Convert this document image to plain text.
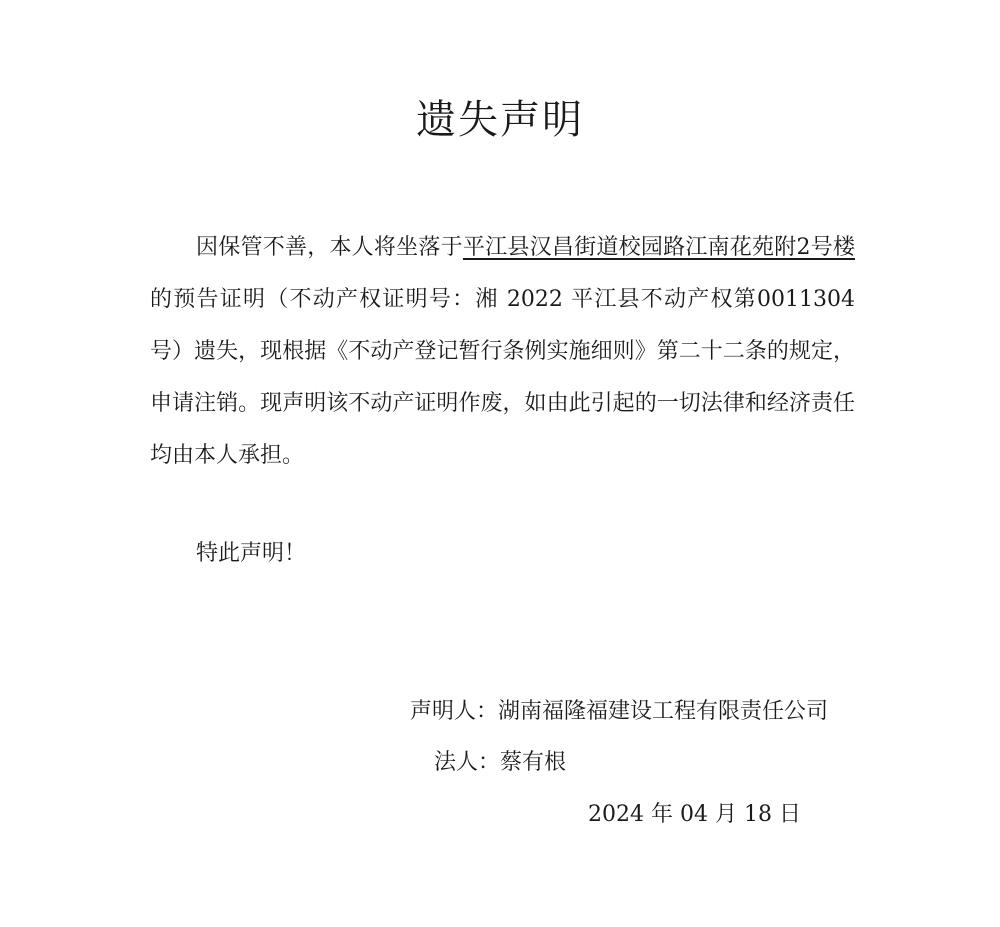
遗失声明
因保管不善，本人将坐落于平江县汉昌街道校园路江南花苑附2号楼的预告证明（不动产权证明号：湘 2022 平江县不动产权第0011304 号）遗失，现根据《不动产登记暂行条例实施细则》第二十二条的规定，申请注销。现声明该不动产证明作废，如由此引起的一切法律和经济责任均由本人承担。
特此声明！
声明人：湖南福隆福建设工程有限责任公司
法人：蔡有根
2024 年 04 月 18 日
